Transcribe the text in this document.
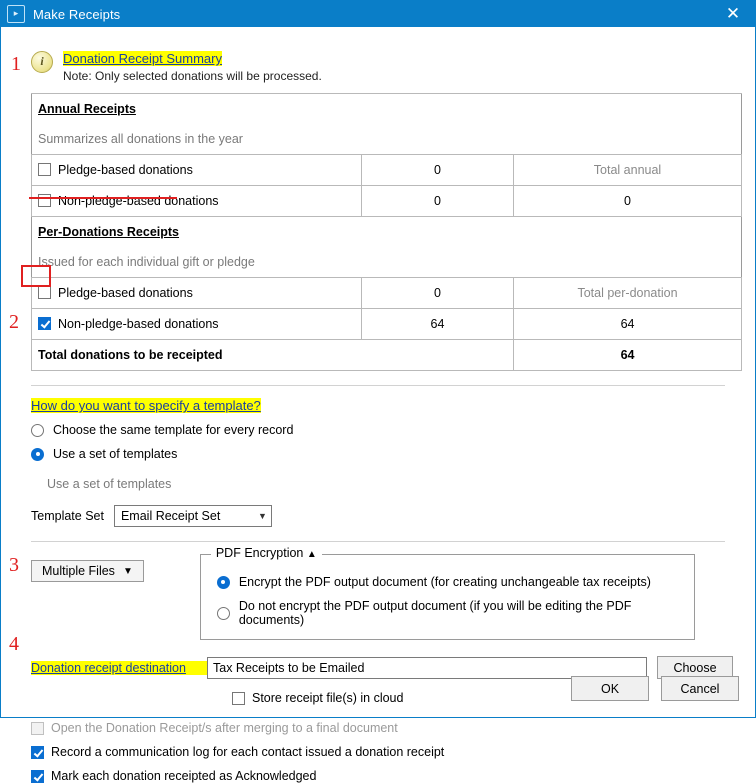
▸	Make Receipts	✕
i	Donation Receipt Summary
Note: Only selected donations will be processed.
Annual Receipts		
Summarizes all donations in the year		
Pledge-based donations	0	Total annual
Non-pledge-based donations	0	0
Per-Donations Receipts		
Issued for each individual gift or pledge		
Pledge-based donations	0	Total per-donation
Non-pledge-based donations	64	64
Total donations to be receipted		64
How do you want to specify a template?
Choose the same template for every record
Use a set of templates
Use a set of templates
Template Set Email Receipt Set	▼
Multiple Files ▼
PDF Encryption ▲
Encrypt the PDF output document (for creating unchangeable tax receipts)
Do not encrypt the PDF output document (if you will be editing the PDF documents)
Donation receipt destination
Tax Receipts to be Emailed	Choose
Store receipt file(s) in cloud
Open the Donation Receipt/s after merging to a final document
Record a communication log for each contact issued a donation receipt
Mark each donation receipted as Acknowledged
OK	Cancel
1
2
3
4
